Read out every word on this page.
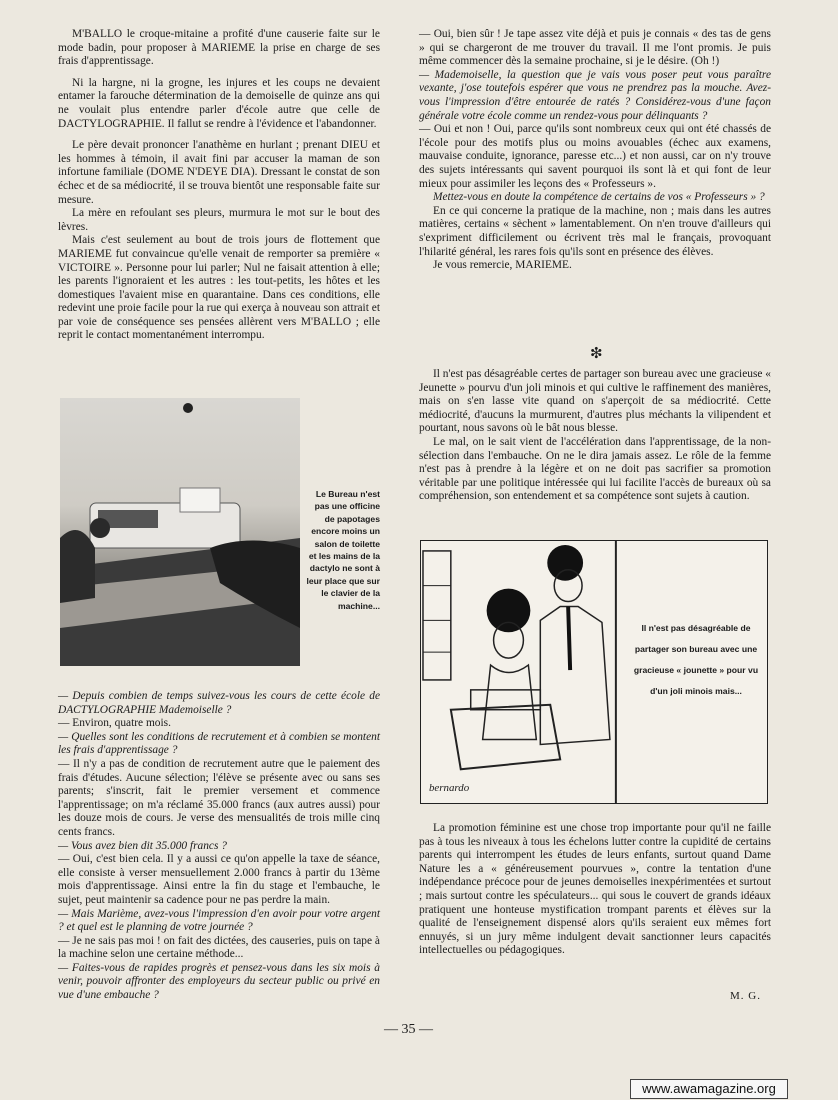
M'BALLO le croque-mitaine a profité d'une causerie faite sur le mode badin, pour proposer à MARIEME la prise en charge de ses frais d'apprentissage.

Ni la hargne, ni la grogne, les injures et les coups ne devaient entamer la farouche détermination de la demoiselle de quinze ans qui ne voulait plus entendre parler d'école autre que celle de DACTYLOGRAPHIE. Il fallut se rendre à l'évidence et l'abandonner.

Le père devait prononcer l'anathème en hurlant ; prenant DIEU et les hommes à témoin, il avait fini par accuser la maman de son infortune familiale (DOME N'DEYE DIA). Dressant le constat de son échec et de sa médiocrité, il se trouva bientôt une responsable faite sur mesure.

La mère en refoulant ses pleurs, murmura le mot sur le bout des lèvres.

Mais c'est seulement au bout de trois jours de flottement que MARIEME fut convaincue qu'elle venait de remporter sa première « VICTOIRE ». Personne pour lui parler; Nul ne faisait attention à elle; les parents l'ignoraient et les autres : les tout-petits, les hôtes et les domestiques l'avaient mise en quarantaine. Dans ces conditions, elle redevint une proie facile pour la rue qui exerça à nouveau son attrait et par voie de conséquence ses pensées allèrent vers M'BALLO ; elle reprit le contact momentanément interrompu.

Le Bureau n'est pas une officine de papotages encore moins un salon de toilette et les mains de la dactylo ne sont à leur place que sur le clavier de la machine...

— Depuis combien de temps suivez-vous les cours de cette école de DACTYLOGRAPHIE Mademoiselle ?

— Environ, quatre mois.

— Quelles sont les conditions de recrutement et à combien se montent les frais d'apprentissage ?

— Il n'y a pas de condition de recrutement autre que le paiement des frais d'études. Aucune sélection; l'élève se présente avec ou sans ses parents; s'inscrit, fait le premier versement et commence l'apprentissage; on m'a réclamé 35.000 francs (aux autres aussi) pour les douze mois de cours. Je verse des mensualités de trois mille cinq cents francs.

— Vous avez bien dit 35.000 francs ?

— Oui, c'est bien cela. Il y a aussi ce qu'on appelle la taxe de séance, elle consiste à verser mensuellement 2.000 francs à partir du 13ème mois d'apprentissage. Ainsi entre la fin du stage et l'embauche, le sujet, peut maintenir sa cadence pour ne pas perdre la main.

— Mais Marième, avez-vous l'impression d'en avoir pour votre argent ? et quel est le planning de votre journée ?

— Je ne sais pas moi ! on fait des dictées, des causeries, puis on tape à la machine selon une certaine méthode...

— Faites-vous de rapides progrès et pensez-vous dans les six mois à venir, pouvoir affronter des employeurs du secteur public ou privé en vue d'une embauche ?

— Oui, bien sûr ! Je tape assez vite déjà et puis je connais « des tas de gens » qui se chargeront de me trouver du travail. Il me l'ont promis. Je puis même commencer dès la semaine prochaine, si je le désire. (Oh !)

— Mademoiselle, la question que je vais vous poser peut vous paraître vexante, j'ose toutefois espérer que vous ne prendrez pas la mouche. Avez-vous l'impression d'être entourée de ratés ? Considérez-vous d'une façon générale votre école comme un rendez-vous pour délinquants ?

— Oui et non ! Oui, parce qu'ils sont nombreux ceux qui ont été chassés de l'école pour des motifs plus ou moins avouables (échec aux examens, mauvaise conduite, ignorance, paresse etc...) et non aussi, car on n'y trouve des sujets intéressants qui savent pourquoi ils sont là et qui font de leur mieux pour assimiler les leçons des « Professeurs ».

Mettez-vous en doute la compétence de certains de vos « Professeurs » ?

En ce qui concerne la pratique de la machine, non ; mais dans les autres matières, certains « sèchent » lamentablement. On n'en trouve d'ailleurs qui s'expriment difficilement ou écrivent très mal le français, provoquant l'hilarité général, les rares fois qu'ils sont en présence des élèves.

Je vous remercie, MARIEME.

❇

Il n'est pas désagréable certes de partager son bureau avec une gracieuse « Jeunette » pourvu d'un joli minois et qui cultive le raffinement des manières, mais on s'en lasse vite quand on s'aperçoit de sa médiocrité. Cette médiocrité, d'aucuns la murmurent, d'autres plus méchants la vilipendent et pourtant, nous savons où le bât nous blesse.

Le mal, on le sait vient de l'accélération dans l'apprentissage, de la non-sélection dans l'embauche. On ne le dira jamais assez. Le rôle de la femme n'est pas à prendre à la légère et on ne doit pas sacrifier sa promotion véritable par une politique intéressée qui lui facilite l'accès de bureaux où sa compréhension, son entendement et sa compétence sont sujets à caution.

bernardo
Il n'est pas désagréable de partager son bureau avec une gracieuse « jounette » pour vu d'un joli minois mais...

La promotion féminine est une chose trop importante pour qu'il ne faille pas à tous les niveaux à tous les échelons lutter contre la cupidité de certains parents qui interrompent les études de leurs enfants, surtout quand Dame Nature les a « généreusement pourvues », contre la tentation d'une indépendance précoce pour de jeunes demoiselles inexpérimentées et surtout ; mais surtout contre les spéculateurs... qui sous le couvert de grands idéaux pratiquent une honteuse mystification trompant parents et élèves sur la qualité de l'enseignement dispensé alors qu'ils seraient eux mêmes fort ennuyés, si un jury même indulgent devait sanctionner leurs capacités intellectuelles ou pédagogiques.

M. G.
— 35 —
www.awamagazine.org
